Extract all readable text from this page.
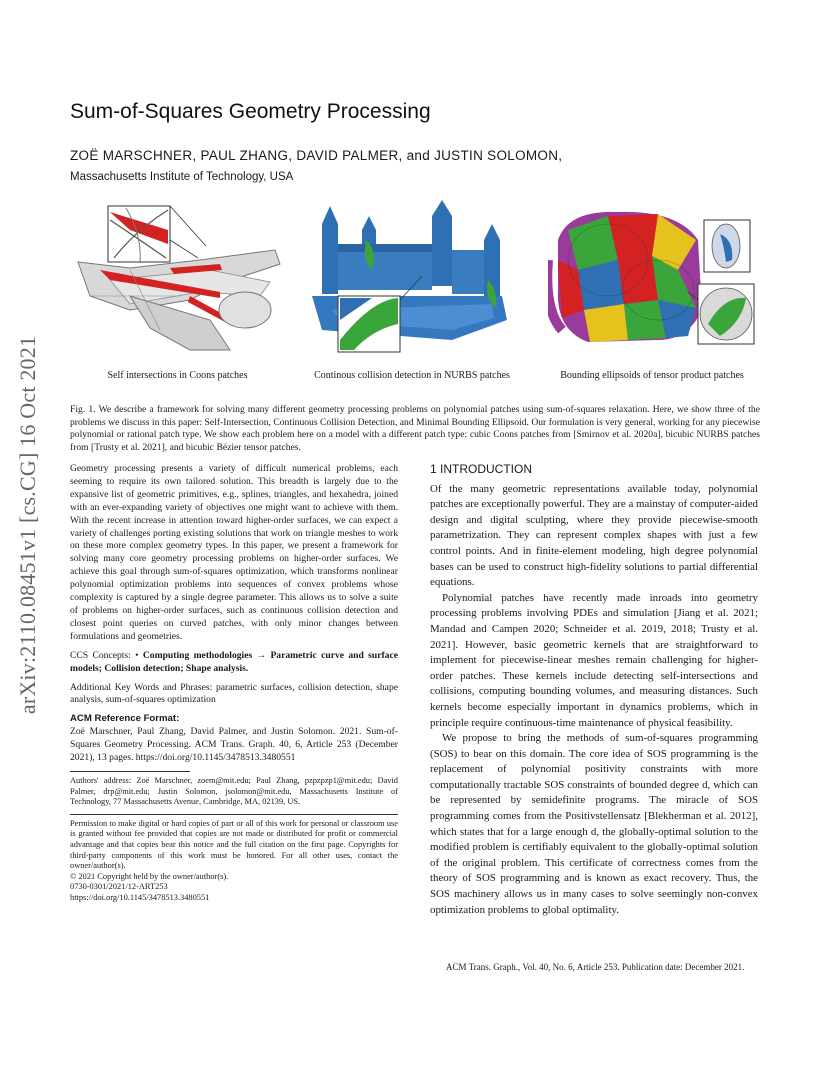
arXiv:2110.08451v1 [cs.CG] 16 Oct 2021
Sum-of-Squares Geometry Processing
ZOË MARSCHNER, PAUL ZHANG, DAVID PALMER, and JUSTIN SOLOMON,
Massachusetts Institute of Technology, USA
Self intersections in Coons patches	Continous collision detection in NURBS patches	Bounding ellipsoids of tensor product patches
Fig. 1. We describe a framework for solving many different geometry processing problems on polynomial patches using sum-of-squares relaxation. Here, we show three of the problems we discuss in this paper: Self-Intersection, Continuous Collision Detection, and Minimal Bounding Ellipsoid. Our formulation is very general, working for any piecewise polynomial or rational patch type. We show each problem here on a model with a different patch type: cubic Coons patches from [Smirnov et al. 2020a], bicubic NURBS patches from [Trusty et al. 2021], and bicubic Bézier tensor patches.

Geometry processing presents a variety of difficult numerical problems, each seeming to require its own tailored solution. This breadth is largely due to the expansive list of geometric primitives, e.g., splines, triangles, and hexahedra, joined with an ever-expanding variety of objectives one might want to achieve with them. With the recent increase in attention toward higher-order surfaces, we can expect a variety of challenges porting existing solutions that work on triangle meshes to work on these more complex geometry types. In this paper, we present a framework for solving many core geometry processing problems on higher-order surfaces. We achieve this goal through sum-of-squares optimization, which transforms nonlinear polynomial optimization problems into sequences of convex problems whose complexity is captured by a single degree parameter. This allows us to solve a suite of problems on higher-order surfaces, such as continuous collision detection and closest point queries on curved patches, with only minor changes between formulations and geometries.

CCS Concepts: • Computing methodologies → Parametric curve and surface models; Collision detection; Shape analysis.

Additional Key Words and Phrases: parametric surfaces, collision detection, shape analysis, sum-of-squares optimization

ACM Reference Format:

Zoë Marschner, Paul Zhang, David Palmer, and Justin Solomon. 2021. Sum-of-Squares Geometry Processing. ACM Trans. Graph. 40, 6, Article 253 (December 2021), 13 pages. https://doi.org/10.1145/3478513.3480551

Authors' address: Zoë Marschner, zoem@mit.edu; Paul Zhang, pzpzpzp1@mit.edu; David Palmer, drp@mit.edu; Justin Solomon, jsolomon@mit.edu, Massachusetts Institute of Technology, 77 Massachusetts Avenue, Cambridge, MA, 02139, US.

Permission to make digital or hard copies of part or all of this work for personal or classroom use is granted without fee provided that copies are not made or distributed for profit or commercial advantage and that copies bear this notice and the full citation on the first page. Copyrights for third-party components of this work must be honored. For all other uses, contact the owner/author(s).
© 2021 Copyright held by the owner/author(s).
0730-0301/2021/12-ART253
https://doi.org/10.1145/3478513.3480551
1 INTRODUCTION

Of the many geometric representations available today, polynomial patches are exceptionally powerful. They are a mainstay of computer-aided design and digital sculpting, where they provide piecewise-smooth parametrization. They can represent complex shapes with just a few control points. And in finite-element modeling, high degree polynomial bases can be used to construct high-fidelity solutions to partial differential equations.

Polynomial patches have recently made inroads into geometry processing problems involving PDEs and simulation [Jiang et al. 2021; Mandad and Campen 2020; Schneider et al. 2019, 2018; Trusty et al. 2021]. However, basic geometric kernels that are straightforward to implement for piecewise-linear meshes remain challenging for higher-order patches. These kernels include detecting self-intersections and collisions, computing bounding volumes, and measuring distances. Such kernels become especially important in dynamics problems, which in principle require continuous-time maintenance of physical feasibility.

We propose to bring the methods of sum-of-squares programming (SOS) to bear on this domain. The core idea of SOS programming is the replacement of polynomial positivity constraints with more computationally tractable SOS constraints of bounded degree d, which can be represented by semidefinite programs. The miracle of SOS programming comes from the Positivstellensatz [Blekherman et al. 2012], which states that for a large enough d, the globally-optimal solution to the modified problem is certifiably equivalent to the globally-optimal solution of the original problem. This certificate of correctness comes from the theory of SOS programming and is known as exact recovery. Thus, the SOS machinery allows us in many cases to solve seemingly non-convex optimization problems to global optimality.

ACM Trans. Graph., Vol. 40, No. 6, Article 253. Publication date: December 2021.
